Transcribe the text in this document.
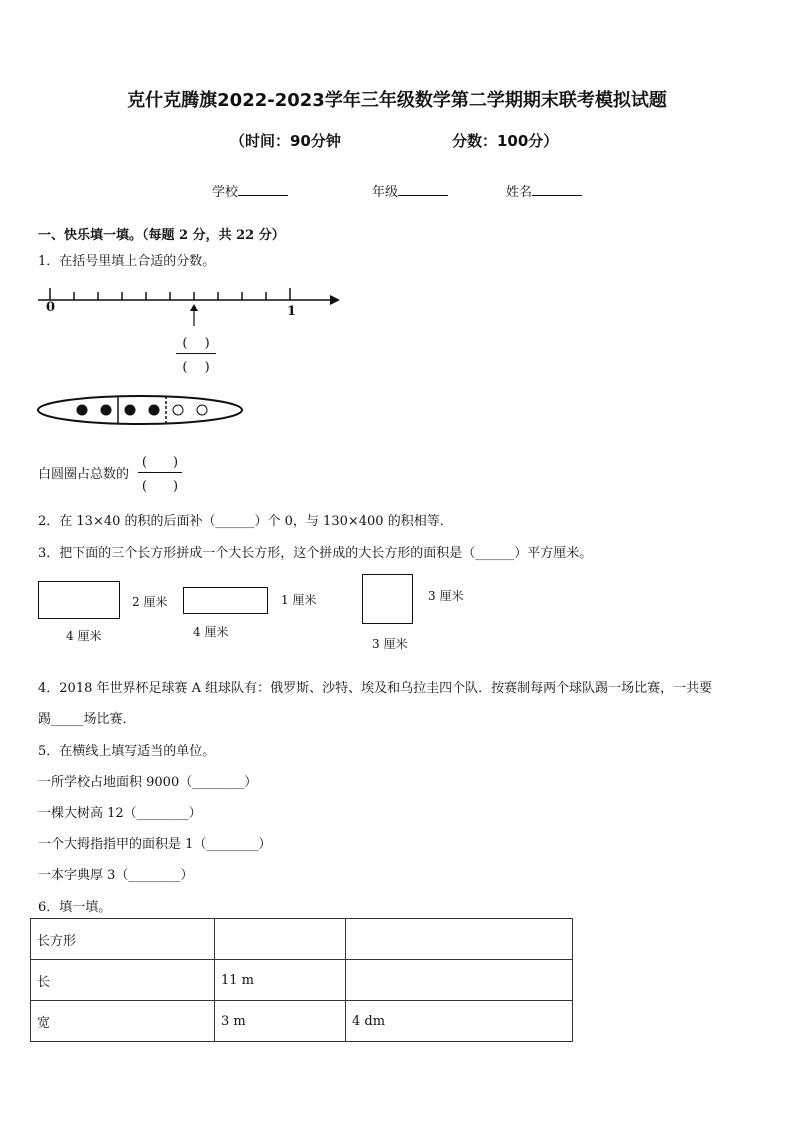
克什克腾旗2022-2023学年三年级数学第二学期期末联考模拟试题
（时间：90分钟	分数：100分）
学校	年级	姓名
一、快乐填一填。（每题 2 分，共 22 分）
1．在括号里填上合适的分数。
0	1
(　 )
(　 )
白圆圈占总数的
(　　)
(　　)
2．在 13×40 的积的后面补（______）个 0，与 130×400 的积相等．
3．把下面的三个长方形拼成一个大长方形，这个拼成的大长方形的面积是（______）平方厘米。
4 厘米
2 厘米
4 厘米
1 厘米
3 厘米
3 厘米
4．2018 年世界杯足球赛 A 组球队有：俄罗斯、沙特、埃及和乌拉圭四个队．按赛制每两个球队踢一场比赛，一共要
踢_____场比赛．
5．在横线上填写适当的单位。
一所学校占地面积 9000（________）
一棵大树高 12（________）
一个大拇指指甲的面积是 1（________）
一本字典厚 3（________）
6．填一填。
长方形		
长	11 m	
宽	3 m	4 dm
